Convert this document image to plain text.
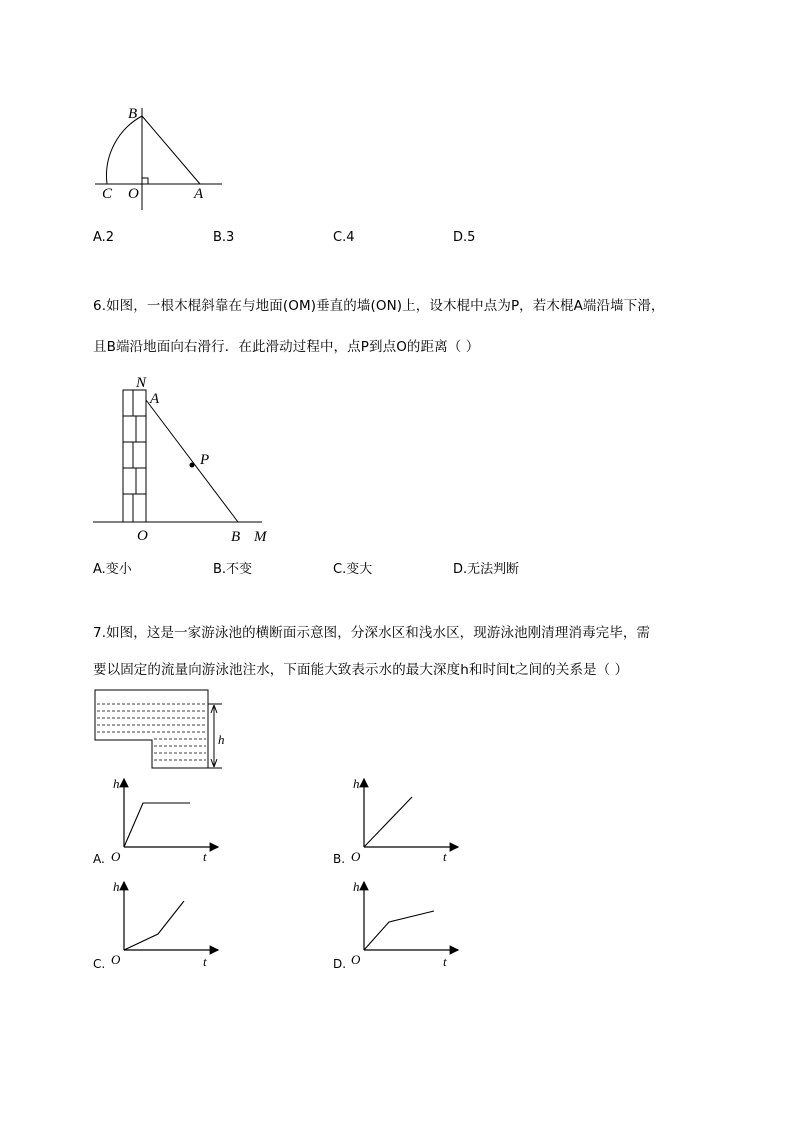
B
C O	A
A.2	B.3	C.4	D.5
6.如图，一根木棍斜靠在与地面(OM)垂直的墙(ON)上，设木棍中点为P，若木棍A端沿墙下滑，
且B端沿地面向右滑行．在此滑动过程中，点P到点O的距离（ ）
N
A
P
O	B M
A.变小	B.不变	C.变大	D.无法判断
7.如图，这是一家游泳池的横断面示意图，分深水区和浅水区，现游泳池刚清理消毒完毕，需
要以固定的流量向游泳池注水，下面能大致表示水的最大深度h和时间t之间的关系是（ ）
h
h
O	t
A.
h
O	t
B.
h
O	t
C.
h
O	t
D.
